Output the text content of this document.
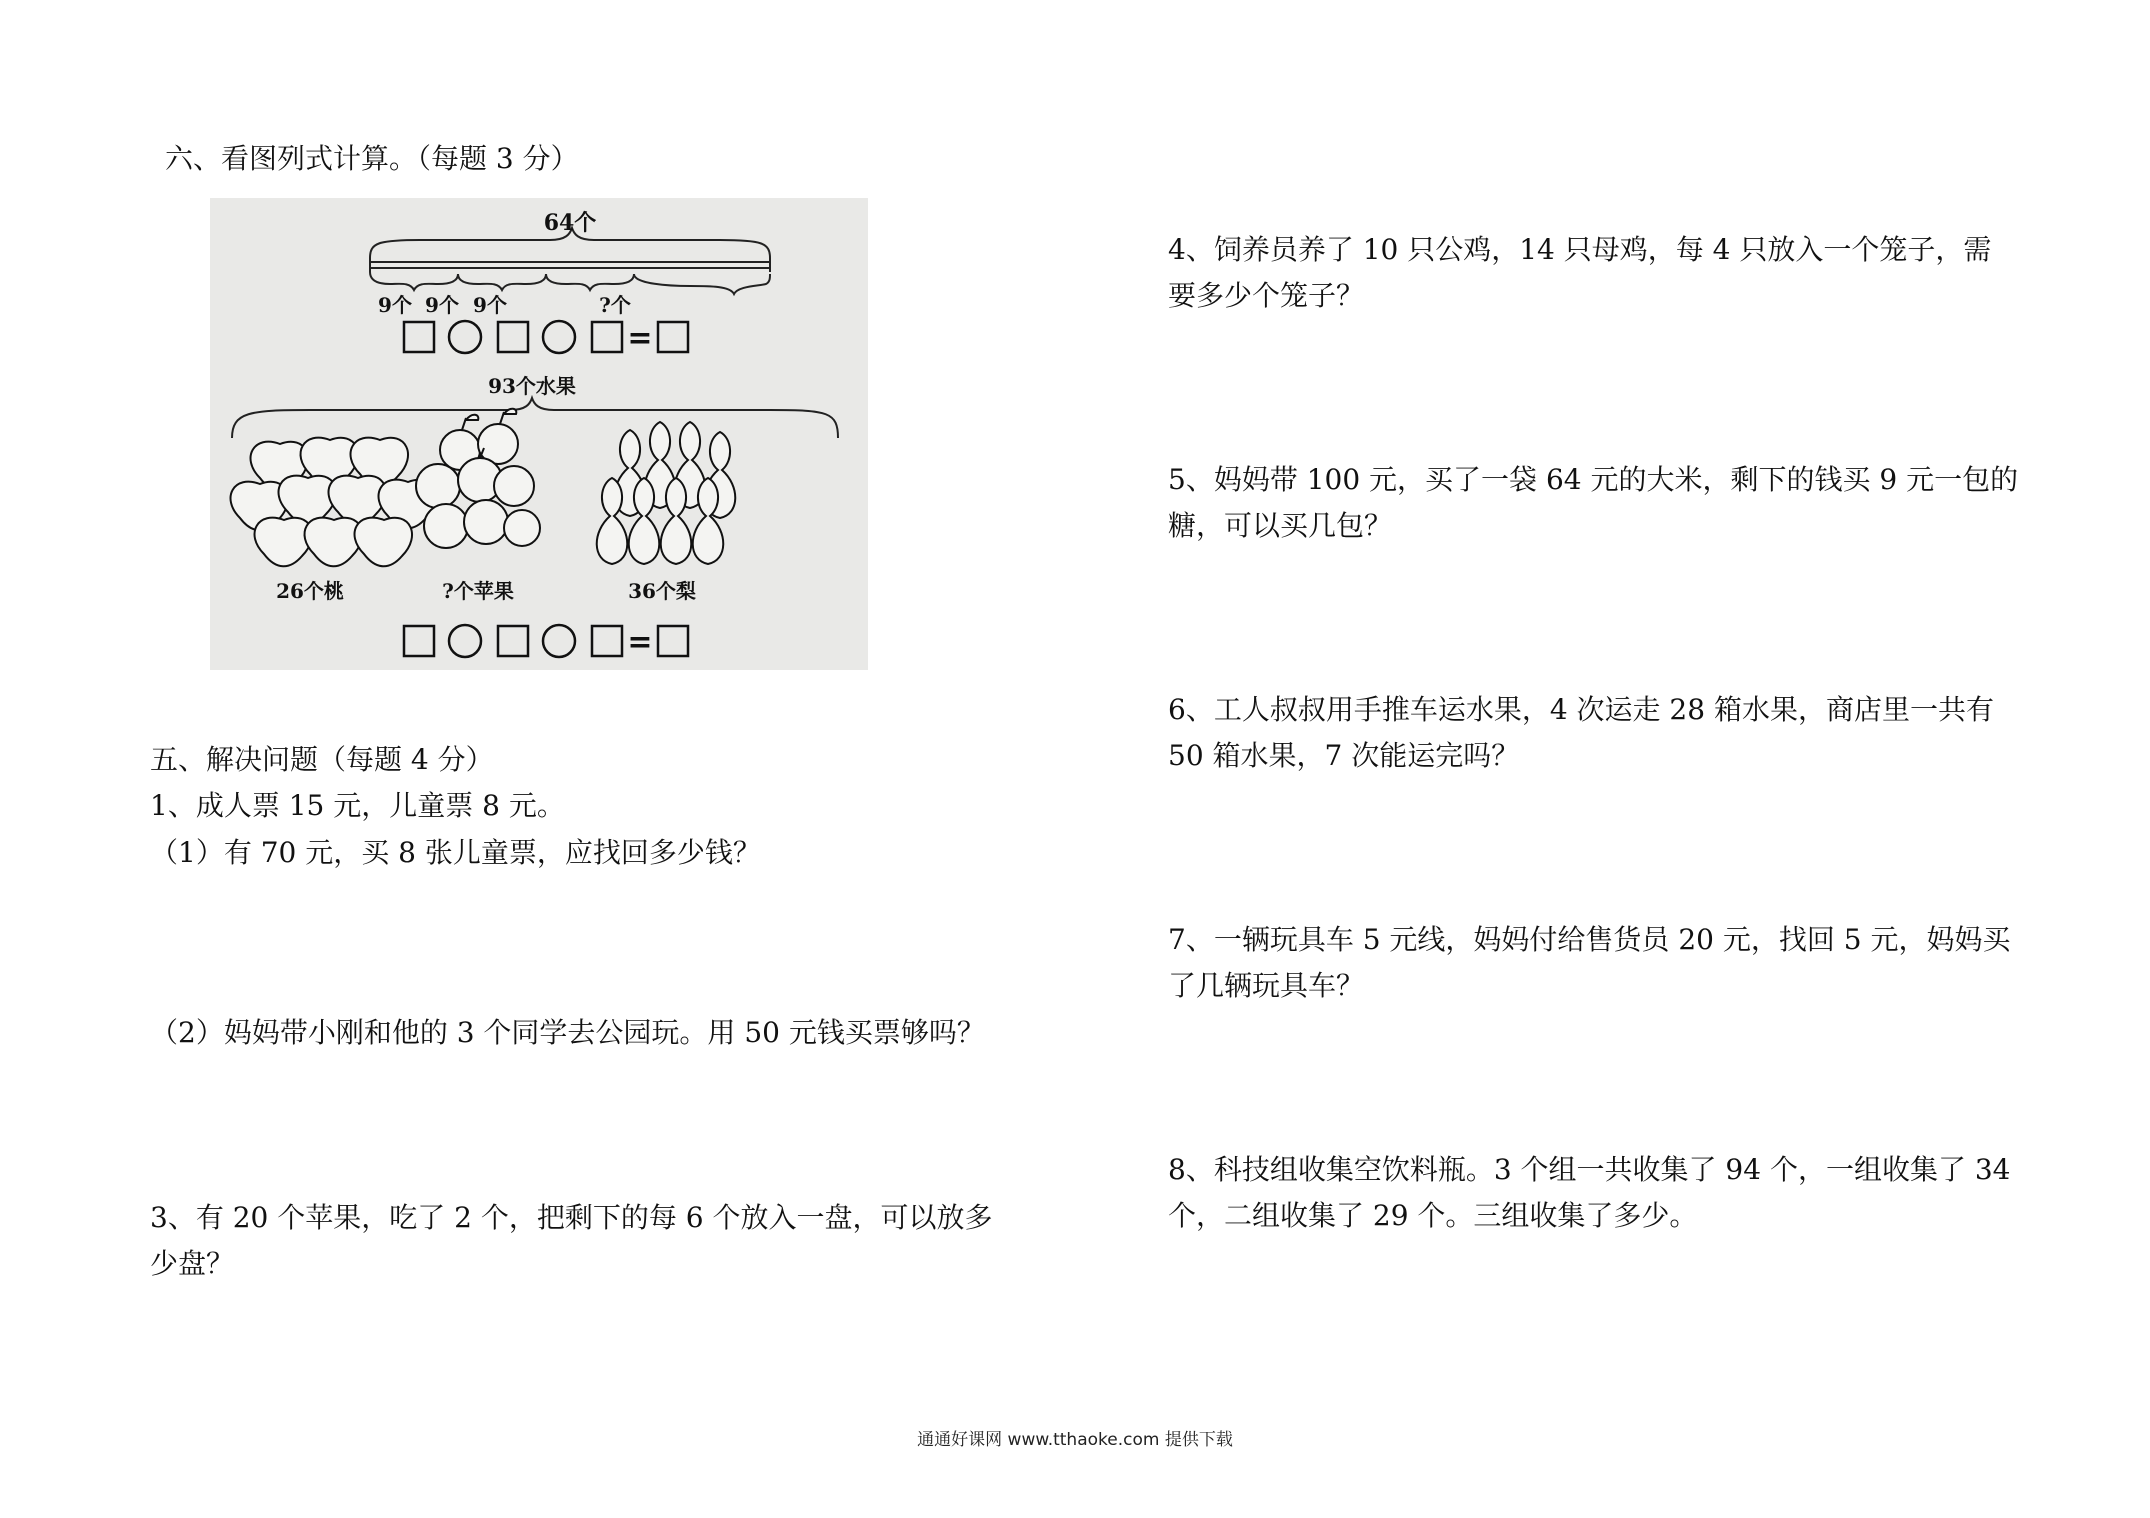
六、看图列式计算。（每题 3 分）
64个
9个 9个 9个	?个
=
93个水果
26个桃	?个苹果	36个梨
=
五、解决问题（每题 4 分）
1、成人票 15 元，儿童票 8 元。
（1）有 70 元，买 8 张儿童票，应找回多少钱？
（2）妈妈带小刚和他的 3 个同学去公园玩。用 50 元钱买票够吗？
3、有 20 个苹果，吃了 2 个，把剩下的每 6 个放入一盘，可以放多
少盘？
4、饲养员养了 10 只公鸡，14 只母鸡，每 4 只放入一个笼子，需
要多少个笼子？
5、妈妈带 100 元，买了一袋 64 元的大米，剩下的钱买 9 元一包的
糖，可以买几包？
6、工人叔叔用手推车运水果，4 次运走 28 箱水果，商店里一共有
50 箱水果，7 次能运完吗？
7、一辆玩具车 5 元线，妈妈付给售货员 20 元，找回 5 元，妈妈买
了几辆玩具车？
8、科技组收集空饮料瓶。3 个组一共收集了 94 个，一组收集了 34
个，二组收集了 29 个。三组收集了多少。
通通好课网 www.tthaoke.com 提供下载
